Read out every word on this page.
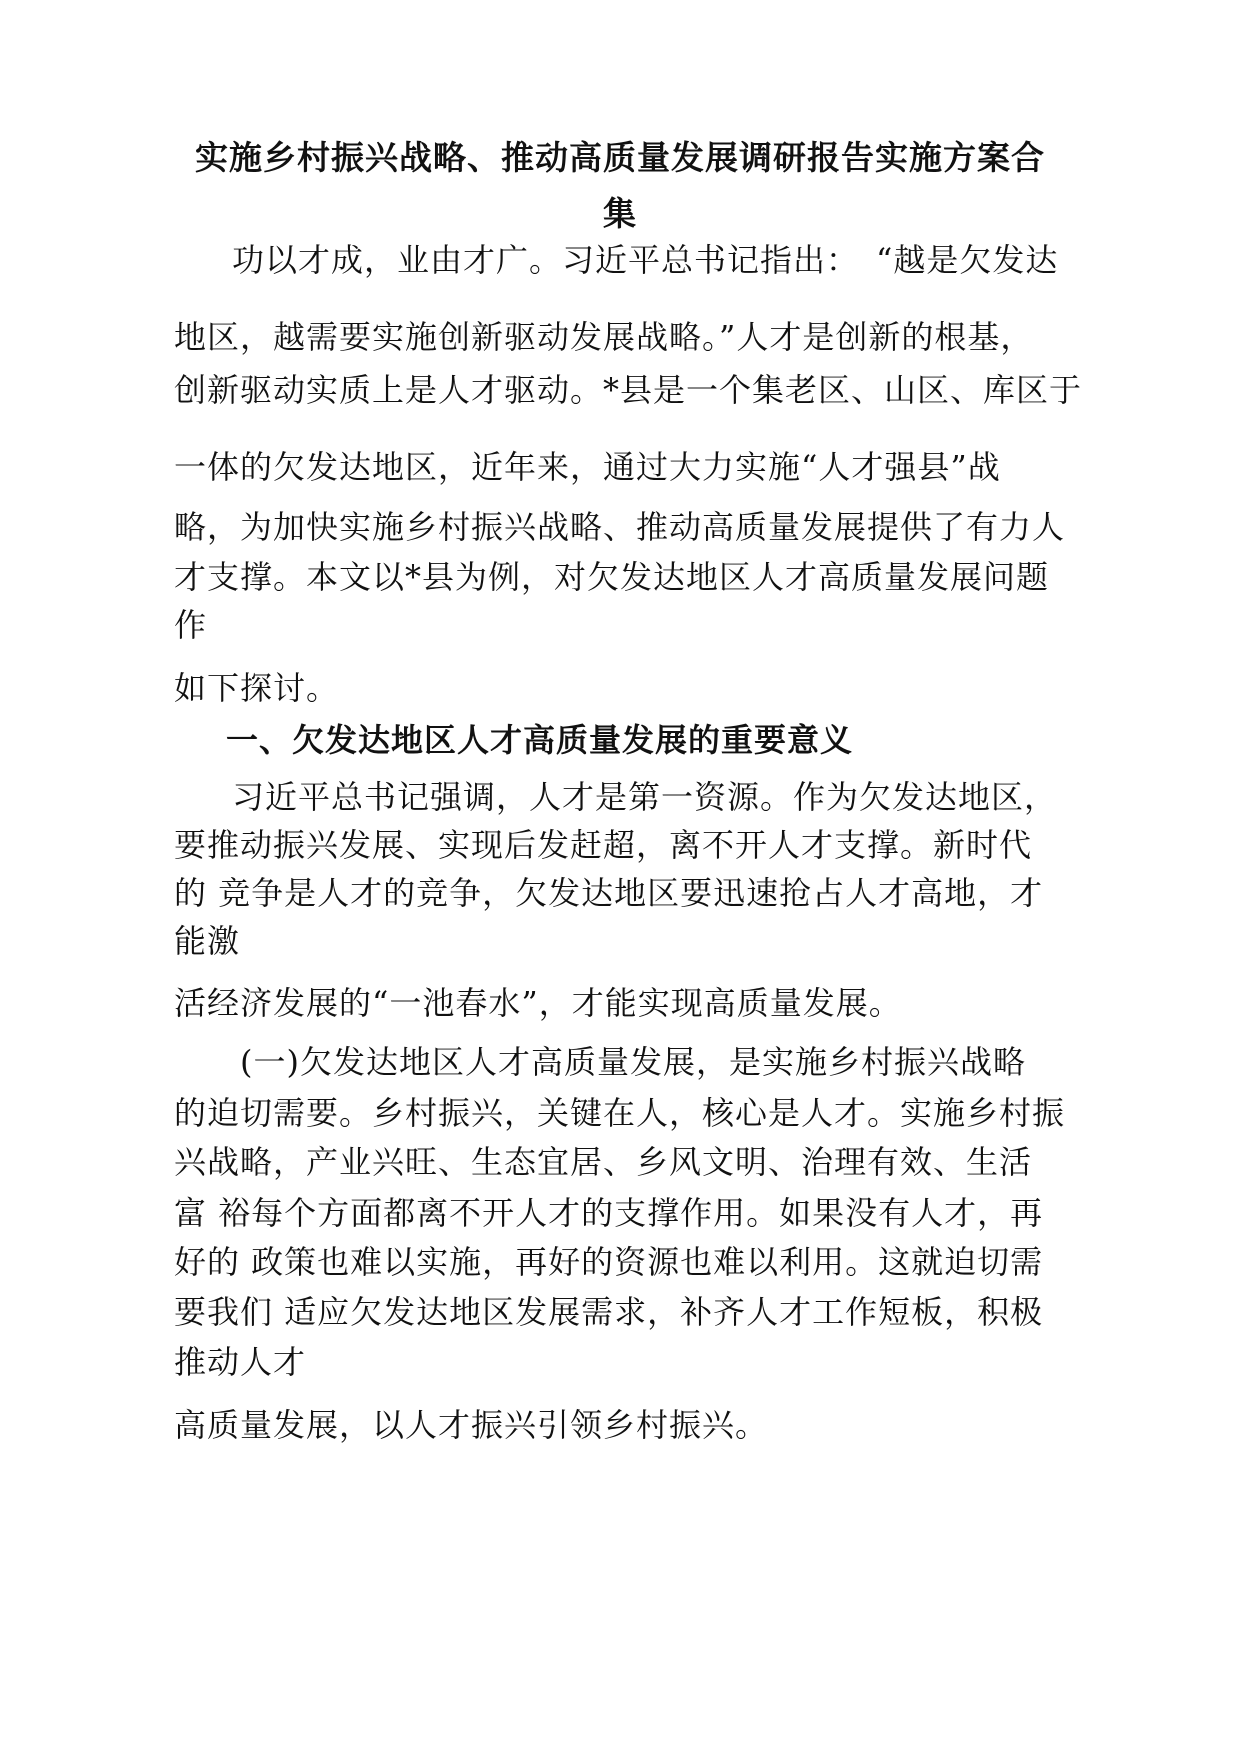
实施乡村振兴战略、推动高质量发展调研报告实施方案合
集
功以才成，业由才广。习近平总书记指出：　“越是欠发达
地区，越需要实施创新驱动发展战略。”人才是创新的根基，
创新驱动实质上是人才驱动。*县是一个集老区、山区、库区于
一体的欠发达地区，近年来，通过大力实施“人才强县”战
略，为加快实施乡村振兴战略、推动高质量发展提供了有力人
才支撑。本文以*县为例，对欠发达地区人才高质量发展问题
作
如下探讨。
一、欠发达地区人才高质量发展的重要意义
习近平总书记强调，人才是第一资源。作为欠发达地区，
要推动振兴发展、实现后发赶超，离不开人才支撑。新时代
的 竞争是人才的竞争，欠发达地区要迅速抢占人才高地，才
能激
活经济发展的“一池春水”，才能实现高质量发展。
(一)欠发达地区人才高质量发展，是实施乡村振兴战略
的迫切需要。乡村振兴，关键在人，核心是人才。实施乡村振
兴战略，产业兴旺、生态宜居、乡风文明、治理有效、生活
富 裕每个方面都离不开人才的支撑作用。如果没有人才，再
好的 政策也难以实施，再好的资源也难以利用。这就迫切需
要我们 适应欠发达地区发展需求，补齐人才工作短板，积极
推动人才
高质量发展，以人才振兴引领乡村振兴。
